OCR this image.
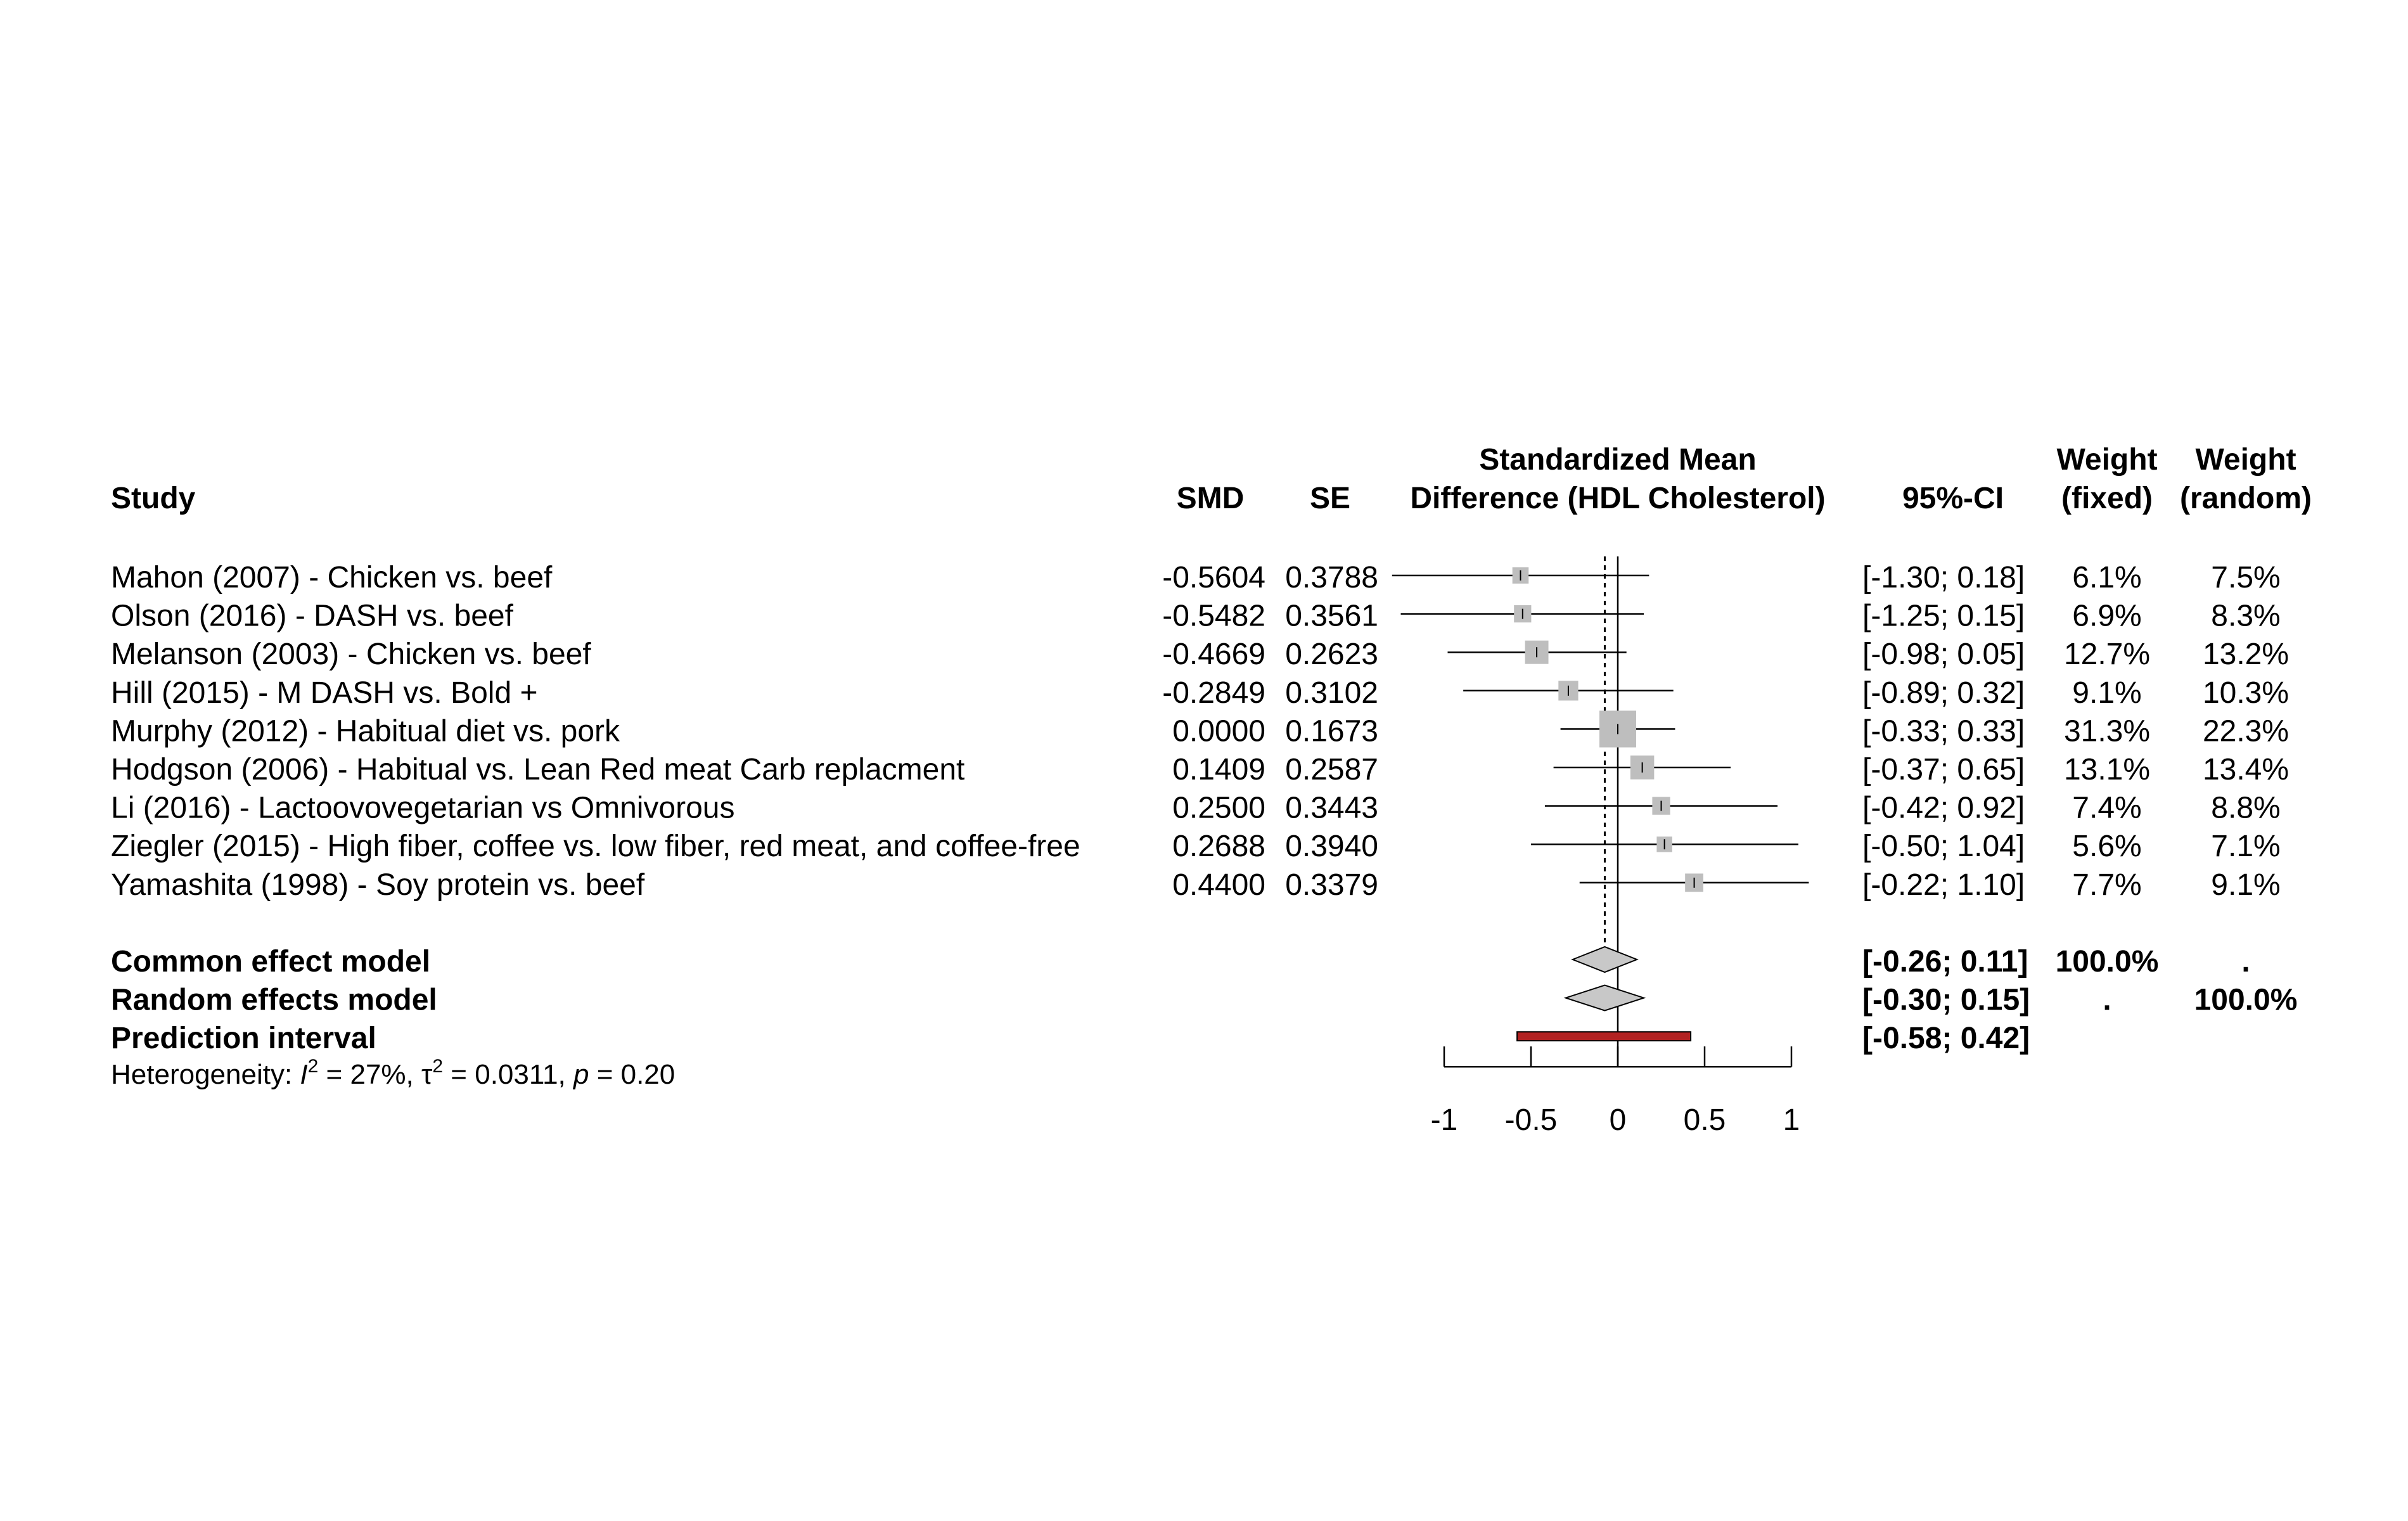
Study	SMD SE
Standardized Mean
Difference (HDL Cholesterol)	95%-CI
Weight
(fixed)
Weight
(random)
Mahon (2007) - Chicken vs. beef	-0.5604 0.3788	[-1.30; 0.18] 6.1% 7.5%
Olson (2016) - DASH vs. beef	-0.5482 0.3561	[-1.25; 0.15] 6.9% 8.3%
Melanson (2003) - Chicken vs. beef	-0.4669 0.2623	[-0.98; 0.05] 12.7% 13.2%
Hill (2015) - M DASH vs. Bold +	-0.2849 0.3102	[-0.89; 0.32] 9.1% 10.3%
Murphy (2012) - Habitual diet vs. pork	0.0000 0.1673	[-0.33; 0.33] 31.3% 22.3%
Hodgson (2006) - Habitual vs. Lean Red meat Carb replacment	0.1409 0.2587	[-0.37; 0.65] 13.1% 13.4%
Li (2016) - Lactoovovegetarian vs Omnivorous	0.2500 0.3443	[-0.42; 0.92] 7.4% 8.8%
Ziegler (2015) - High fiber, coffee vs. low fiber, red meat, and coffee-free	0.2688 0.3940	[-0.50; 1.04] 5.6% 7.1%
Yamashita (1998) - Soy protein vs. beef	0.4400 0.3379	[-0.22; 1.10] 7.7% 9.1%
Common effect model	[-0.26; 0.11] 100.0%	.
Random effects model	[-0.30; 0.15] .	100.0%
Prediction interval	[-0.58; 0.42]
-1 -0.5 0 0.5 1
Heterogeneity: $I^2 = 27\%$, $\tau^2 = 0.0311$, p = 0.20
